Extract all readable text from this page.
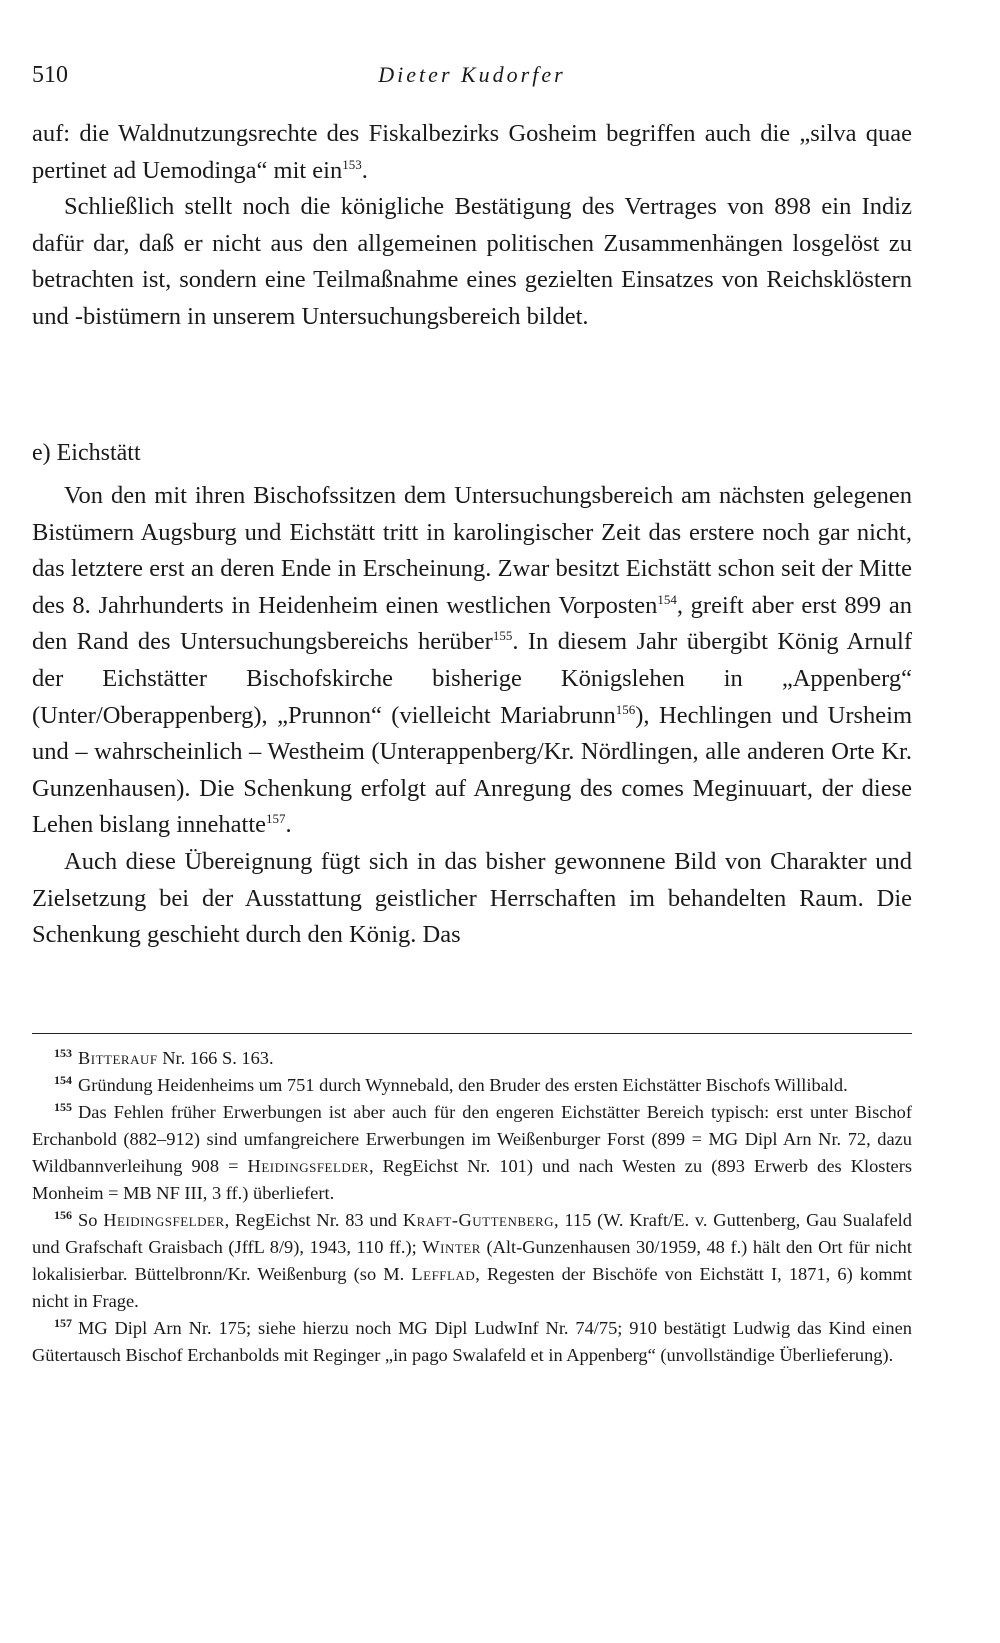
510	Dieter Kudorfer

auf: die Waldnutzungsrechte des Fiskalbezirks Gosheim begriffen auch die „silva quae pertinet ad Uemodinga“ mit ein$^{153}$.

Schließlich stellt noch die königliche Bestätigung des Vertrages von 898 ein Indiz dafür dar, daß er nicht aus den allgemeinen politischen Zusammenhängen losgelöst zu betrachten ist, sondern eine Teilmaßnahme eines gezielten Einsatzes von Reichsklöstern und -bistümern in unserem Untersuchungsbereich bildet.

e) Eichstätt

Von den mit ihren Bischofssitzen dem Untersuchungsbereich am nächsten gelegenen Bistümern Augsburg und Eichstätt tritt in karolingischer Zeit das erstere noch gar nicht, das letztere erst an deren Ende in Erscheinung. Zwar besitzt Eichstätt schon seit der Mitte des 8. Jahrhunderts in Heidenheim einen westlichen Vorposten$^{154}$, greift aber erst 899 an den Rand des Untersuchungsbereichs herüber$^{155}$. In diesem Jahr übergibt König Arnulf der Eichstätter Bischofskirche bisherige Königslehen in „Appenberg“ (Unter/Oberappenberg), „Prunnon“ (vielleicht Mariabrunn$^{156}$), Hechlingen und Ursheim und – wahrscheinlich – Westheim (Unterappenberg/Kr. Nördlingen, alle anderen Orte Kr. Gunzenhausen). Die Schenkung erfolgt auf Anregung des comes Meginuuart, der diese Lehen bislang innehatte$^{157}$.

Auch diese Übereignung fügt sich in das bisher gewonnene Bild von Charakter und Zielsetzung bei der Ausstattung geistlicher Herrschaften im behandelten Raum. Die Schenkung geschieht durch den König. Das

$^{153}$ Bitterauf Nr. 166 S. 163.

$^{154}$ Gründung Heidenheims um 751 durch Wynnebald, den Bruder des ersten Eichstätter Bischofs Willibald.

$^{155}$ Das Fehlen früher Erwerbungen ist aber auch für den engeren Eichstätter Bereich typisch: erst unter Bischof Erchanbold (882–912) sind umfangreichere Erwerbungen im Weißenburger Forst (899 = MG Dipl Arn Nr. 72, dazu Wildbannverleihung 908 = Heidingsfelder, RegEichst Nr. 101) und nach Westen zu (893 Erwerb des Klosters Monheim = MB NF III, 3 ff.) überliefert.

$^{156}$ So Heidingsfelder, RegEichst Nr. 83 und Kraft-Guttenberg, 115 (W. Kraft/E. v. Guttenberg, Gau Sualafeld und Grafschaft Graisbach (JffL 8/9), 1943, 110 ff.); Winter (Alt-Gunzenhausen 30/1959, 48 f.) hält den Ort für nicht lokalisierbar. Büttelbronn/Kr. Weißenburg (so M. Lefflad, Regesten der Bischöfe von Eichstätt I, 1871, 6) kommt nicht in Frage.

$^{157}$ MG Dipl Arn Nr. 175; siehe hierzu noch MG Dipl LudwInf Nr. 74/75; 910 bestätigt Ludwig das Kind einen Gütertausch Bischof Erchanbolds mit Reginger „in pago Swalafeld et in Appenberg“ (unvollständige Überlieferung).
